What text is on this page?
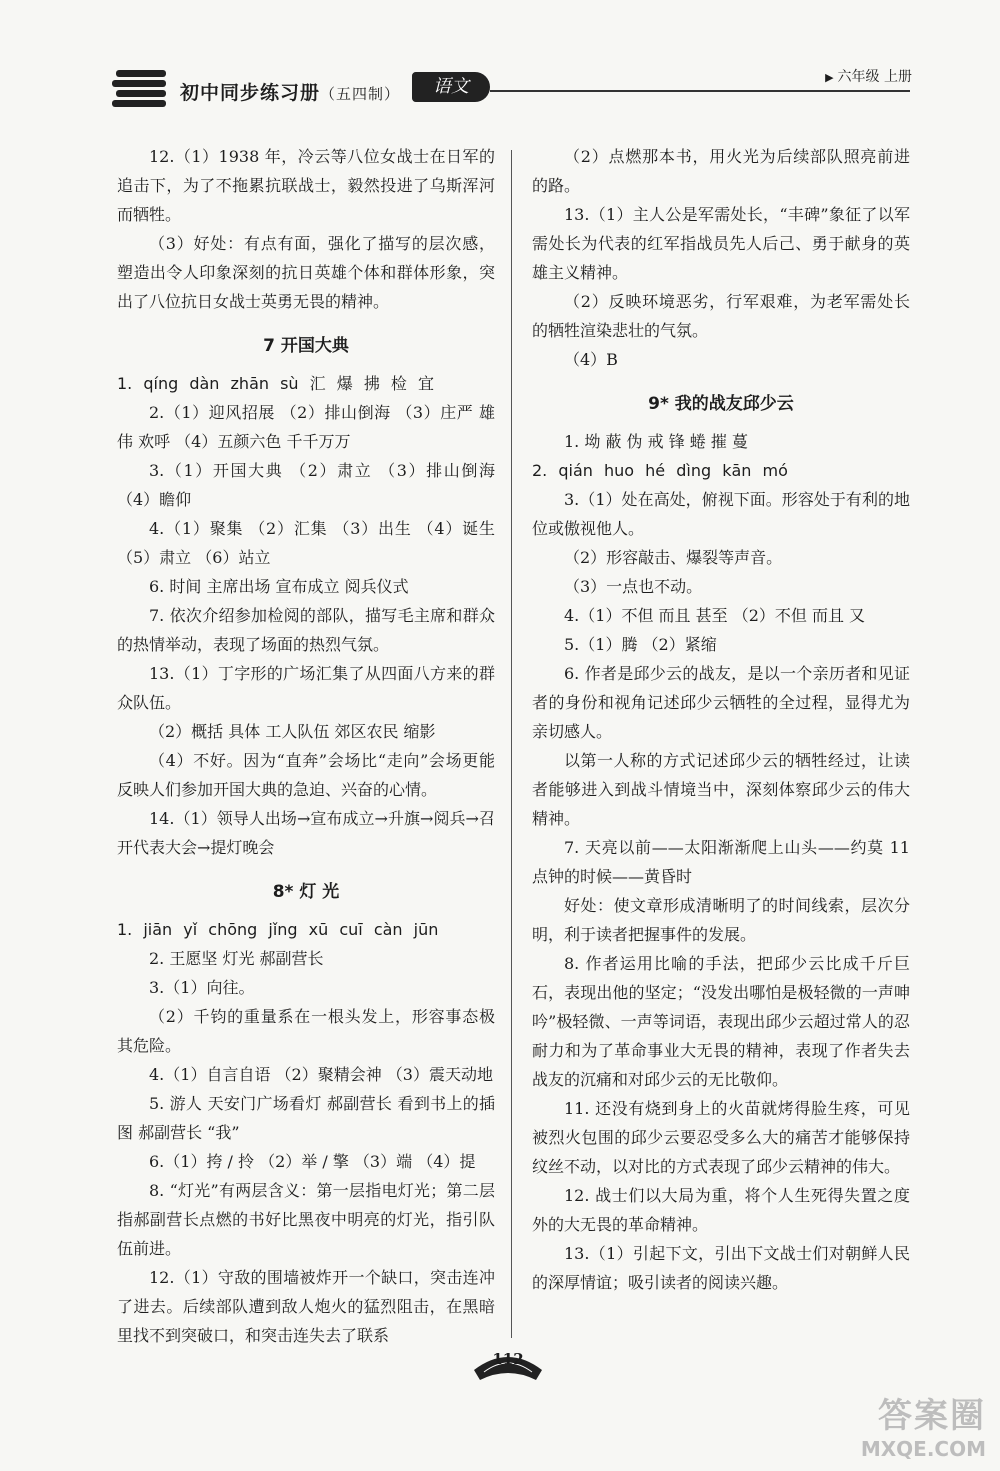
初中同步练习册（五四制）	语文	▶ 六年级 上册

12.（1）1938 年，冷云等八位女战士在日军的追击下，为了不拖累抗联战士，毅然投进了乌斯浑河而牺牲。

（3）好处：有点有面，强化了描写的层次感，塑造出令人印象深刻的抗日英雄个体和群体形象，突出了八位抗日女战士英勇无畏的精神。

7 开国大典

1. qíng dàn zhān sù 汇 爆 拂 检 宜

2.（1）迎风招展 （2）排山倒海 （3）庄严 雄伟 欢呼 （4）五颜六色 千千万万

3.（1）开国大典 （2）肃立 （3）排山倒海 （4）瞻仰

4.（1）聚集 （2）汇集 （3）出生 （4）诞生 （5）肃立 （6）站立

6. 时间 主席出场 宣布成立 阅兵仪式

7. 依次介绍参加检阅的部队，描写毛主席和群众的热情举动，表现了场面的热烈气氛。

13.（1）丁字形的广场汇集了从四面八方来的群众队伍。

（2）概括 具体 工人队伍 郊区农民 缩影

（4）不好。因为“直奔”会场比“走向”会场更能反映人们参加开国大典的急迫、兴奋的心情。

14.（1）领导人出场→宣布成立→升旗→阅兵→召开代表大会→提灯晚会

8* 灯 光

1. jiān yǐ chōng jǐng xū cuī càn jūn

2. 王愿坚 灯光 郝副营长

3.（1）向往。

（2）千钧的重量系在一根头发上，形容事态极其危险。

4.（1）自言自语 （2）聚精会神 （3）震天动地

5. 游人 天安门广场看灯 郝副营长 看到书上的插图 郝副营长 “我”

6.（1）挎 / 拎 （2）举 / 擎 （3）端 （4）提

8. “灯光”有两层含义：第一层指电灯光；第二层指郝副营长点燃的书好比黑夜中明亮的灯光，指引队伍前进。

12.（1）守敌的围墙被炸开一个缺口，突击连冲了进去。后续部队遭到敌人炮火的猛烈阻击，在黑暗里找不到突破口，和突击连失去了联系

（2）点燃那本书，用火光为后续部队照亮前进的路。

13.（1）主人公是军需处长，“丰碑”象征了以军需处长为代表的红军指战员先人后己、勇于献身的英雄主义精神。

（2）反映环境恶劣，行军艰难，为老军需处长的牺牲渲染悲壮的气氛。

（4）B

9* 我的战友邱少云

1. 坳 蔽 伪 戒 锋 蜷 摧 蔓

2. qián huo hé dìng kān mó

3.（1）处在高处，俯视下面。形容处于有利的地位或傲视他人。

（2）形容敲击、爆裂等声音。

（3）一点也不动。

4.（1）不但 而且 甚至 （2）不但 而且 又

5.（1）腾 （2）紧缩

6. 作者是邱少云的战友，是以一个亲历者和见证者的身份和视角记述邱少云牺牲的全过程，显得尤为亲切感人。

以第一人称的方式记述邱少云的牺牲经过，让读者能够进入到战斗情境当中，深刻体察邱少云的伟大精神。

7. 天亮以前——太阳渐渐爬上山头——约莫 11 点钟的时候——黄昏时

好处：使文章形成清晰明了的时间线索，层次分明，利于读者把握事件的发展。

8. 作者运用比喻的手法，把邱少云比成千斤巨石，表现出他的坚定；“没发出哪怕是极轻微的一声呻吟”极轻微、一声等词语，表现出邱少云超过常人的忍耐力和为了革命事业大无畏的精神，表现了作者失去战友的沉痛和对邱少云的无比敬仰。

11. 还没有烧到身上的火苗就烤得脸生疼，可见被烈火包围的邱少云要忍受多么大的痛苦才能够保持纹丝不动，以对比的方式表现了邱少云精神的伟大。

12. 战士们以大局为重，将个人生死得失置之度外的大无畏的革命精神。

13.（1）引起下文，引出下文战士们对朝鲜人民的深厚情谊；吸引读者的阅读兴趣。

112
答案圈
MXQE.COM
